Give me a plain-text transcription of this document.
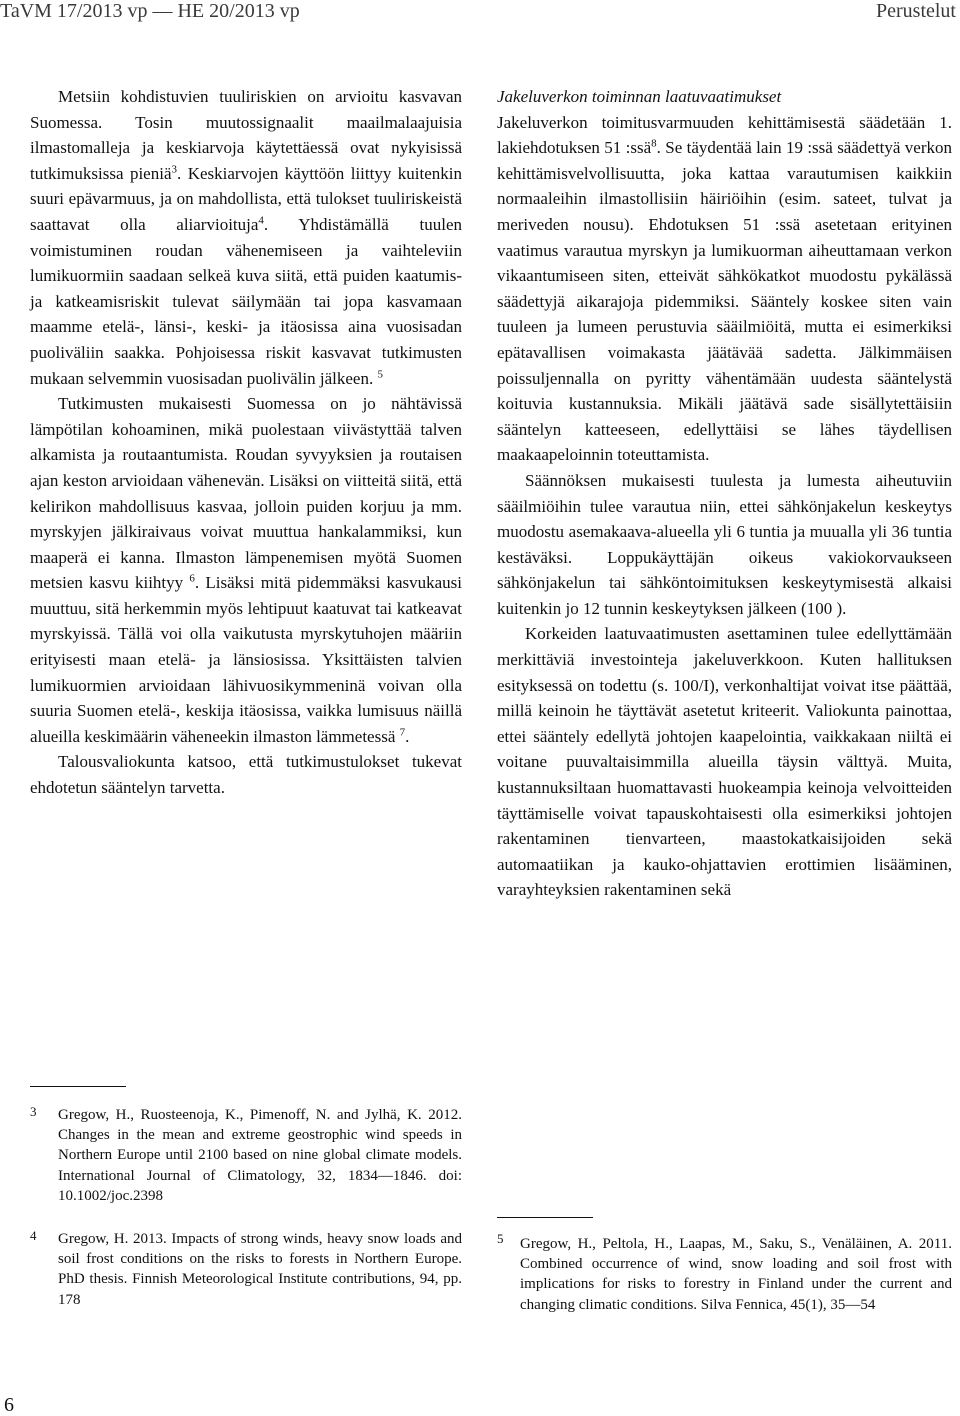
TaVM 17/2013 vp — HE 20/2013 vp	Perustelut

Metsiin kohdistuvien tuuliriskien on arvioitu kasvavan Suomessa. Tosin muutossignaalit maailmalaajuisia ilmastomalleja ja keskiarvoja käytettäessä ovat nykyisissä tutkimuksissa pieniä$^3$. Keskiarvojen käyttöön liittyy kuitenkin suuri epävarmuus, ja on mahdollista, että tulokset tuuliriskeistä saattavat olla aliarvioituja$^4$. Yhdistämällä tuulen voimistuminen roudan vähenemiseen ja vaihteleviin lumikuormiin saadaan selkeä kuva siitä, että puiden kaatumis- ja katkeamisriskit tulevat säilymään tai jopa kasvamaan maamme etelä-, länsi-, keski- ja itäosissa aina vuosisadan puoliväliin saakka. Pohjoisessa riskit kasvavat tutkimusten mukaan selvemmin vuosisadan puolivälin jälkeen. $^5$

Tutkimusten mukaisesti Suomessa on jo nähtävissä lämpötilan kohoaminen, mikä puolestaan viivästyttää talven alkamista ja routaantumista. Roudan syvyyksien ja routaisen ajan keston arvioidaan vähenevän. Lisäksi on viitteitä siitä, että kelirikon mahdollisuus kasvaa, jolloin puiden korjuu ja mm. myrskyjen jälkiraivaus voivat muuttua hankalammiksi, kun maaperä ei kanna. Ilmaston lämpenemisen myötä Suomen metsien kasvu kiihtyy $^6$. Lisäksi mitä pidemmäksi kasvukausi muuttuu, sitä herkemmin myös lehtipuut kaatuvat tai katkeavat myrskyissä. Tällä voi olla vaikutusta myrskytuhojen määriin erityisesti maan etelä- ja länsiosissa. Yksittäisten talvien lumikuormien arvioidaan lähivuosikymmeninä voivan olla suuria Suomen etelä-, keskija itäosissa, vaikka lumisuus näillä alueilla keskimäärin väheneekin ilmaston lämmetessä $^7$.

Talousvaliokunta katsoo, että tutkimustulokset tukevat ehdotetun sääntelyn tarvetta.

Jakeluverkon toiminnan laatuvaatimukset

Jakeluverkon toimitusvarmuuden kehittämisestä säädetään 1. lakiehdotuksen 51 :ssä$^8$. Se täydentää lain 19 :ssä säädettyä verkon kehittämisvelvollisuutta, joka kattaa varautumisen kaikkiin normaaleihin ilmastollisiin häiriöihin (esim. sateet, tulvat ja meriveden nousu). Ehdotuksen 51 :ssä asetetaan erityinen vaatimus varautua myrskyn ja lumikuorman aiheuttamaan verkon vikaantumiseen siten, etteivät sähkökatkot muodostu pykälässä säädettyjä aikarajoja pidemmiksi. Sääntely koskee siten vain tuuleen ja lumeen perustuvia sääilmiöitä, mutta ei esimerkiksi epätavallisen voimakasta jäätävää sadetta. Jälkimmäisen poissuljennalla on pyritty vähentämään uudesta sääntelystä koituvia kustannuksia. Mikäli jäätävä sade sisällytettäisiin sääntelyn katteeseen, edellyttäisi se lähes täydellisen maakaapeloinnin toteuttamista.

Säännöksen mukaisesti tuulesta ja lumesta aiheutuviin sääilmiöihin tulee varautua niin, ettei sähkönjakelun keskeytys muodostu asemakaava-alueella yli 6 tuntia ja muualla yli 36 tuntia kestäväksi. Loppukäyttäjän oikeus vakiokorvaukseen sähkönjakelun tai sähköntoimituksen keskeytymisestä alkaisi kuitenkin jo 12 tunnin keskeytyksen jälkeen (100 ).

Korkeiden laatuvaatimusten asettaminen tulee edellyttämään merkittäviä investointeja jakeluverkkoon. Kuten hallituksen esityksessä on todettu (s. 100/I), verkonhaltijat voivat itse päättää, millä keinoin he täyttävät asetetut kriteerit. Valiokunta painottaa, ettei sääntely edellytä johtojen kaapelointia, vaikkakaan niiltä ei voitane puuvaltaisimmilla alueilla täysin välttyä. Muita, kustannuksiltaan huomattavasti huokeampia keinoja velvoitteiden täyttämiselle voivat tapauskohtaisesti olla esimerkiksi johtojen rakentaminen tienvarteen, maastokatkaisijoiden sekä automaatiikan ja kauko-ohjattavien erottimien lisääminen, varayhteyksien rakentaminen sekä

3 Gregow, H., Ruosteenoja, K., Pimenoff, N. and Jylhä, K. 2012. Changes in the mean and extreme geostrophic wind speeds in Northern Europe until 2100 based on nine global climate models. International Journal of Climatology, 32, 1834—1846. doi: 10.1002/joc.2398
4 Gregow, H. 2013. Impacts of strong winds, heavy snow loads and soil frost conditions on the risks to forests in Northern Europe. PhD thesis. Finnish Meteorological Institute contributions, 94, pp. 178
5 Gregow, H., Peltola, H., Laapas, M., Saku, S., Venäläinen, A. 2011. Combined occurrence of wind, snow loading and soil frost with implications for risks to forestry in Finland under the current and changing climatic conditions. Silva Fennica, 45(1), 35—54
6
